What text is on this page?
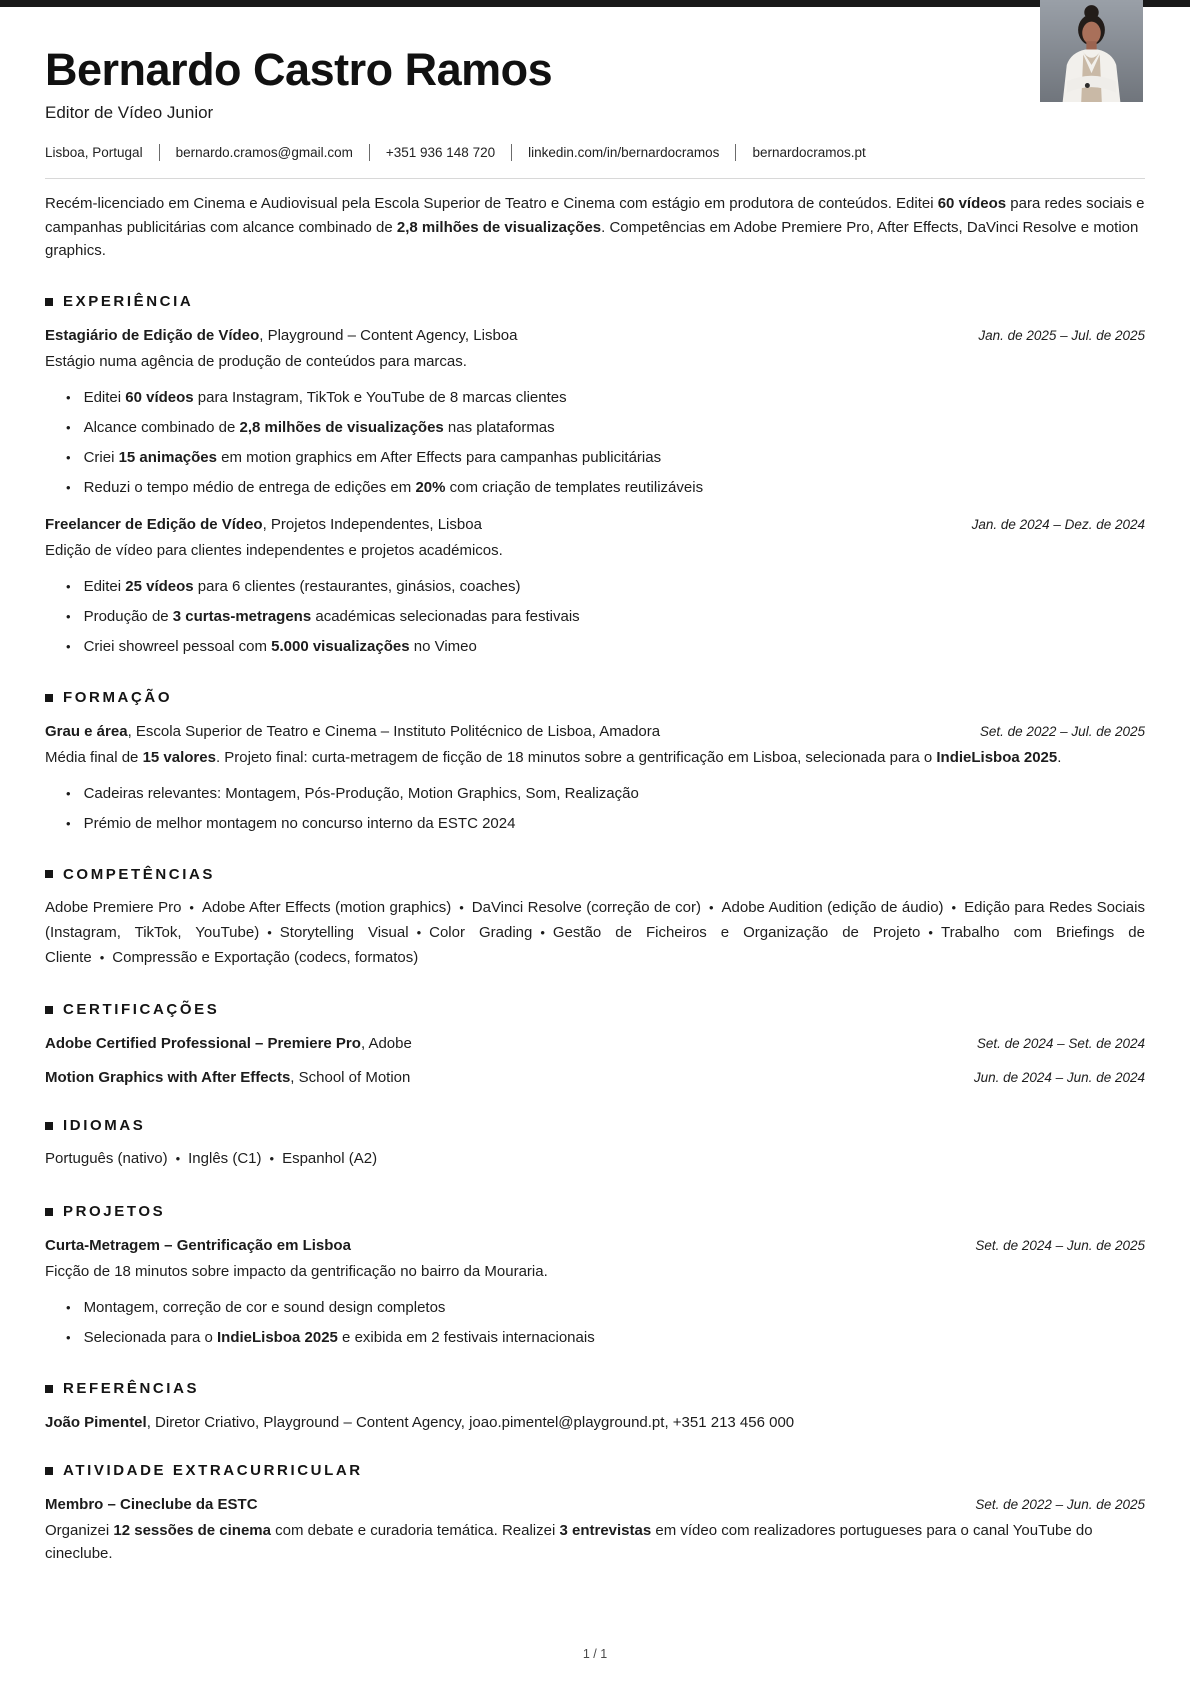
Bernardo Castro Ramos
Editor de Vídeo Junior
Lisboa, Portugal bernardo.cramos@gmail.com +351 936 148 720 linkedin.com/in/bernardocramos bernardocramos.pt

Recém-licenciado em Cinema e Audiovisual pela Escola Superior de Teatro e Cinema com estágio em produtora de conteúdos. Editei 60 vídeos para redes sociais e campanhas publicitárias com alcance combinado de 2,8 milhões de visualizações. Competências em Adobe Premiere Pro, After Effects, DaVinci Resolve e motion graphics.

EXPERIÊNCIA
Estagiário de Edição de Vídeo, Playground – Content Agency, Lisboa	Jan. de 2025 – Jul. de 2025

Estágio numa agência de produção de conteúdos para marcas.

• Editei 60 vídeos para Instagram, TikTok e YouTube de 8 marcas clientes
• Alcance combinado de 2,8 milhões de visualizações nas plataformas
• Criei 15 animações em motion graphics em After Effects para campanhas publicitárias
• Reduzi o tempo médio de entrega de edições em 20% com criação de templates reutilizáveis
Freelancer de Edição de Vídeo, Projetos Independentes, Lisboa	Jan. de 2024 – Dez. de 2024

Edição de vídeo para clientes independentes e projetos académicos.

• Editei 25 vídeos para 6 clientes (restaurantes, ginásios, coaches)
• Produção de 3 curtas-metragens académicas selecionadas para festivais
• Criei showreel pessoal com 5.000 visualizações no Vimeo
FORMAÇÃO
Grau e área, Escola Superior de Teatro e Cinema – Instituto Politécnico de Lisboa, Amadora	Set. de 2022 – Jul. de 2025

Média final de 15 valores. Projeto final: curta-metragem de ficção de 18 minutos sobre a gentrificação em Lisboa, selecionada para o IndieLisboa 2025.

• Cadeiras relevantes: Montagem, Pós-Produção, Motion Graphics, Som, Realização
• Prémio de melhor montagem no concurso interno da ESTC 2024
COMPETÊNCIAS

Adobe Premiere Pro • Adobe After Effects (motion graphics) • DaVinci Resolve (correção de cor) • Adobe Audition (edição de áudio) • Edição para Redes Sociais (Instagram, TikTok, YouTube) • Storytelling Visual • Color Grading • Gestão de Ficheiros e Organização de Projeto • Trabalho com Briefings de Cliente • Compressão e Exportação (codecs, formatos)

CERTIFICAÇÕES
Adobe Certified Professional – Premiere Pro, Adobe	Set. de 2024 – Set. de 2024
Motion Graphics with After Effects, School of Motion	Jun. de 2024 – Jun. de 2024
IDIOMAS

Português (nativo) • Inglês (C1) • Espanhol (A2)

PROJETOS
Curta-Metragem – Gentrificação em Lisboa	Set. de 2024 – Jun. de 2025

Ficção de 18 minutos sobre impacto da gentrificação no bairro da Mouraria.

• Montagem, correção de cor e sound design completos
• Selecionada para o IndieLisboa 2025 e exibida em 2 festivais internacionais
REFERÊNCIAS
João Pimentel, Diretor Criativo, Playground – Content Agency, joao.pimentel@playground.pt, +351 213 456 000
ATIVIDADE EXTRACURRICULAR
Membro – Cineclube da ESTC	Set. de 2022 – Jun. de 2025

Organizei 12 sessões de cinema com debate e curadoria temática. Realizei 3 entrevistas em vídeo com realizadores portugueses para o canal YouTube do cineclube.

1 / 1
